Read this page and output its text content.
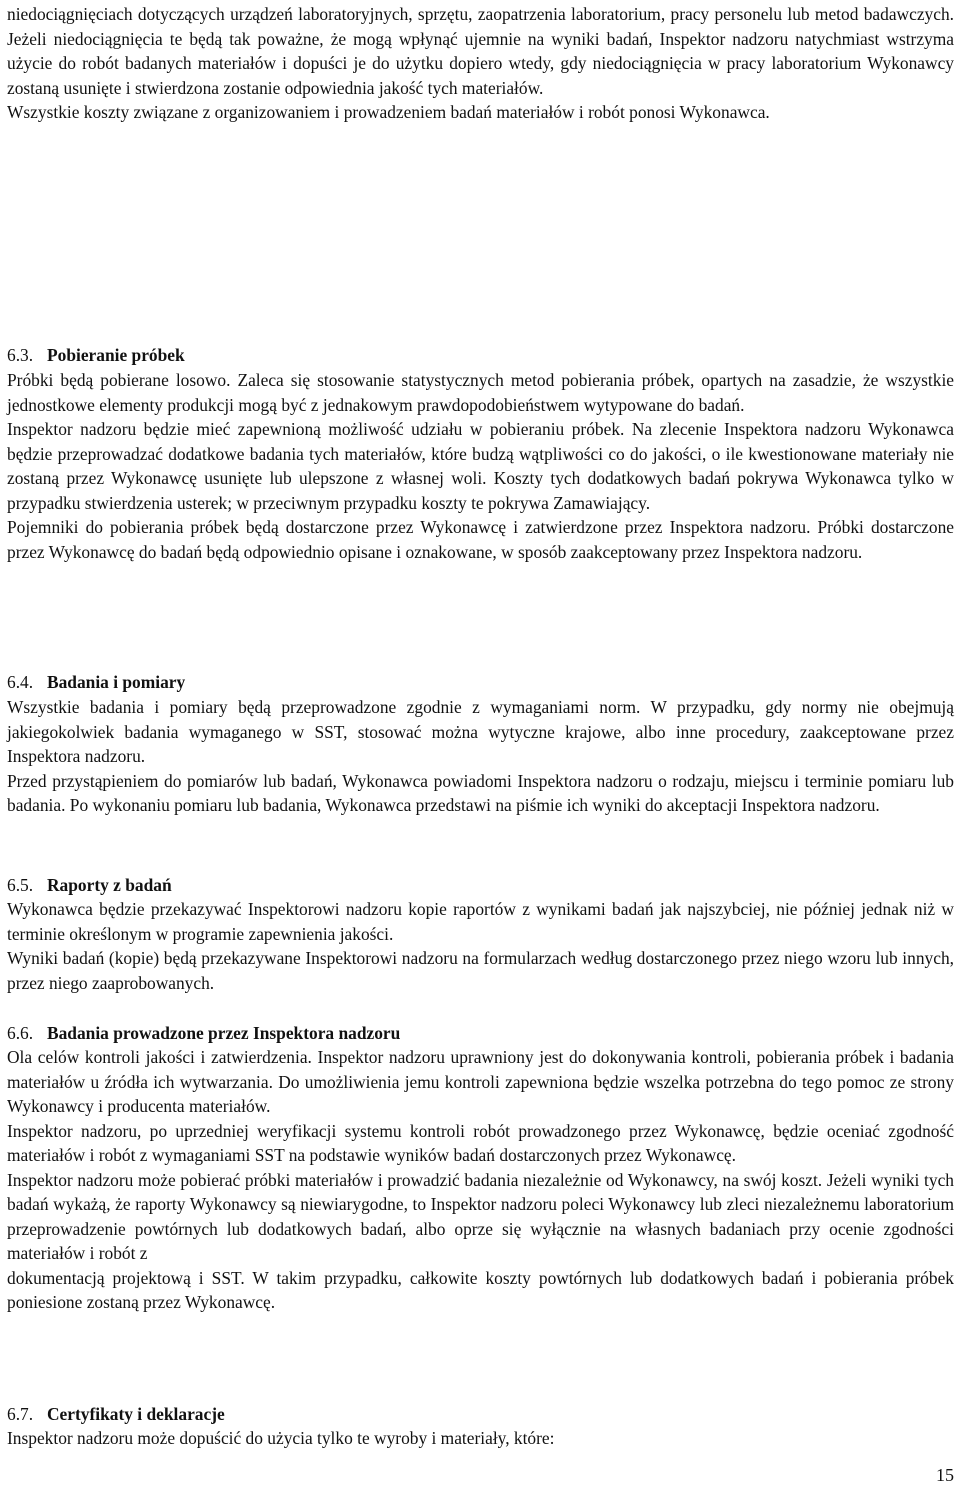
niedociągnięciach dotyczących urządzeń laboratoryjnych, sprzętu, zaopatrzenia laboratorium, pracy personelu lub metod badawczych. Jeżeli niedociągnięcia te będą tak poważne, że mogą wpłynąć ujemnie na wyniki badań, Inspektor nadzoru natychmiast wstrzyma użycie do robót badanych materiałów i dopuści je do użytku dopiero wtedy, gdy niedociągnięcia w pracy laboratorium Wykonawcy zostaną usunięte i stwierdzona zostanie odpowiednia jakość tych materiałów.

Wszystkie koszty związane z organizowaniem i prowadzeniem badań materiałów i robót ponosi Wykonawca.

6.3. Pobieranie próbek

Próbki będą pobierane losowo. Zaleca się stosowanie statystycznych metod pobierania próbek, opartych na zasadzie, że wszystkie jednostkowe elementy produkcji mogą być z jednakowym prawdopodobieństwem wytypowane do badań.

Inspektor nadzoru będzie mieć zapewnioną możliwość udziału w pobieraniu próbek. Na zlecenie Inspektora nadzoru Wykonawca będzie przeprowadzać dodatkowe badania tych materiałów, które budzą wątpliwości co do jakości, o ile kwestionowane materiały nie zostaną przez Wykonawcę usunięte lub ulepszone z własnej woli. Koszty tych dodatkowych badań pokrywa Wykonawca tylko w przypadku stwierdzenia usterek; w przeciwnym przypadku koszty te pokrywa Zamawiający.

Pojemniki do pobierania próbek będą dostarczone przez Wykonawcę i zatwierdzone przez Inspektora nadzoru. Próbki dostarczone przez Wykonawcę do badań będą odpowiednio opisane i oznakowane, w sposób zaakceptowany przez Inspektora nadzoru.

6.4. Badania i pomiary

Wszystkie badania i pomiary będą przeprowadzone zgodnie z wymaganiami norm. W przypadku, gdy normy nie obejmują jakiegokolwiek badania wymaganego w SST, stosować można wytyczne krajowe, albo inne procedury, zaakceptowane przez Inspektora nadzoru.

Przed przystąpieniem do pomiarów lub badań, Wykonawca powiadomi Inspektora nadzoru o rodzaju, miejscu i terminie pomiaru lub badania. Po wykonaniu pomiaru lub badania, Wykonawca przedstawi na piśmie ich wyniki do akceptacji Inspektora nadzoru.

6.5. Raporty z badań

Wykonawca będzie przekazywać Inspektorowi nadzoru kopie raportów z wynikami badań jak najszybciej, nie później jednak niż w terminie określonym w programie zapewnienia jakości.

Wyniki badań (kopie) będą przekazywane Inspektorowi nadzoru na formularzach według dostarczonego przez niego wzoru lub innych, przez niego zaaprobowanych.

6.6. Badania prowadzone przez Inspektora nadzoru

Ola celów kontroli jakości i zatwierdzenia. Inspektor nadzoru uprawniony jest do dokonywania kontroli, pobierania próbek i badania materiałów u źródła ich wytwarzania. Do umożliwienia jemu kontroli zapewniona będzie wszelka potrzebna do tego pomoc ze strony Wykonawcy i producenta materiałów.

Inspektor nadzoru, po uprzedniej weryfikacji systemu kontroli robót prowadzonego przez Wykonawcę, będzie oceniać zgodność materiałów i robót z wymaganiami SST na podstawie wyników badań dostarczonych przez Wykonawcę.

Inspektor nadzoru może pobierać próbki materiałów i prowadzić badania niezależnie od Wykonawcy, na swój koszt. Jeżeli wyniki tych badań wykażą, że raporty Wykonawcy są niewiarygodne, to Inspektor nadzoru poleci Wykonawcy lub zleci niezależnemu laboratorium przeprowadzenie powtórnych lub dodatkowych badań, albo oprze się wyłącznie na własnych badaniach przy ocenie zgodności materiałów i robót z

dokumentacją projektową i SST. W takim przypadku, całkowite koszty powtórnych lub dodatkowych badań i pobierania próbek poniesione zostaną przez Wykonawcę.

6.7. Certyfikaty i deklaracje

Inspektor nadzoru może dopuścić do użycia tylko te wyroby i materiały, które:

15
